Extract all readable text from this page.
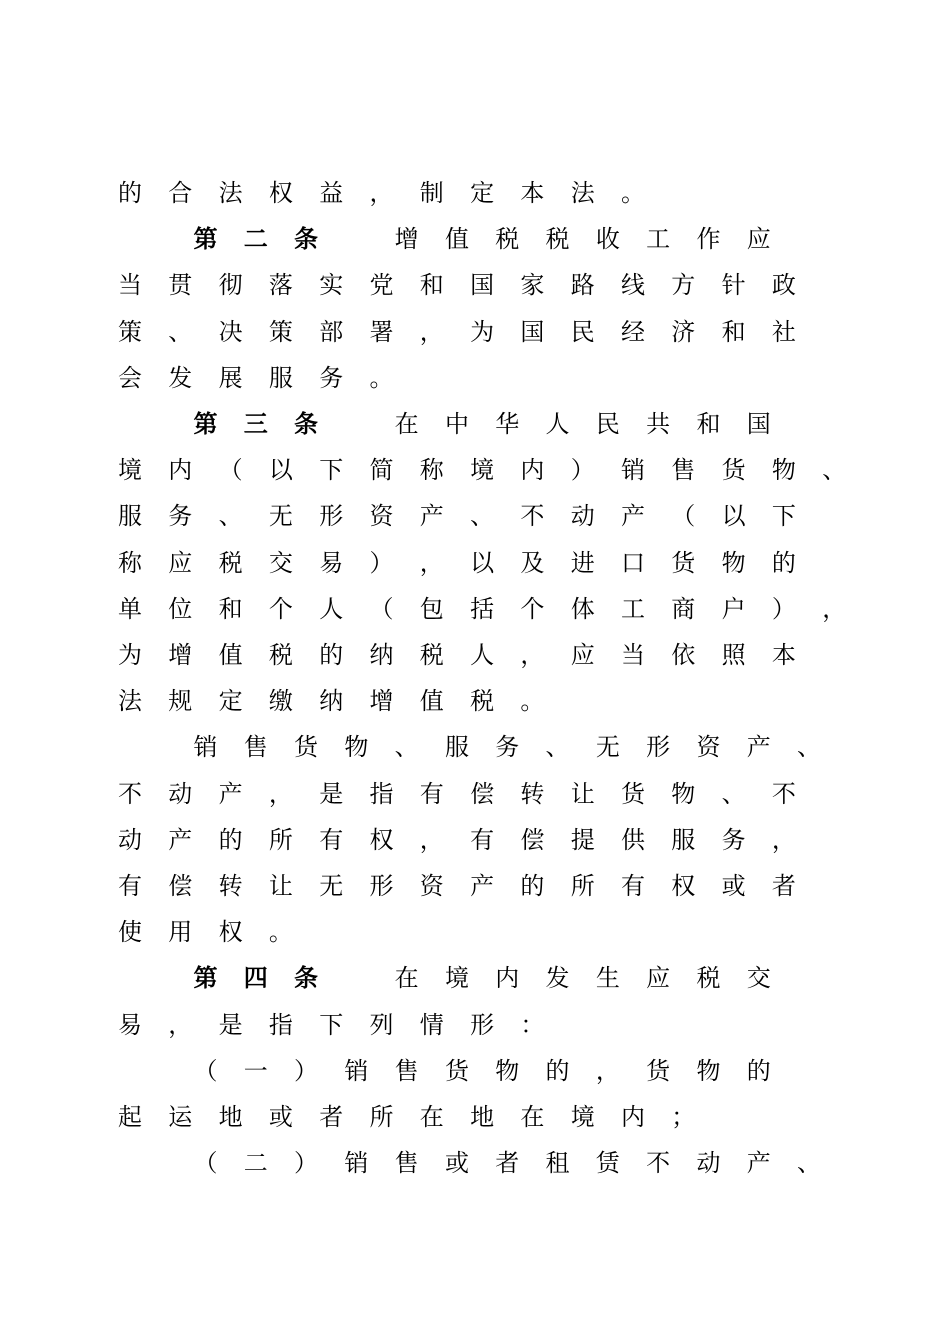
的 合 法 权 益 ， 制 定 本 法 。
第 二 条	增 值 税 税 收 工 作 应
当 贯 彻 落 实 党 和 国 家 路 线 方 针 政
策 、 决 策 部 署 ， 为 国 民 经 济 和 社
会 发 展 服 务 。
第 三 条	在 中 华 人 民 共 和 国
境 内 （ 以 下 简 称 境 内 ） 销 售 货 物 、
服 务 、 无 形 资 产 、 不 动 产 （ 以 下
称 应 税 交 易 ） ， 以 及 进 口 货 物 的
单 位 和 个 人 （ 包 括 个 体 工 商 户 ） ，
为 增 值 税 的 纳 税 人 ， 应 当 依 照 本
法 规 定 缴 纳 增 值 税 。
销 售 货 物 、 服 务 、 无 形 资 产 、
不 动 产 ， 是 指 有 偿 转 让 货 物 、 不
动 产 的 所 有 权 ， 有 偿 提 供 服 务 ，
有 偿 转 让 无 形 资 产 的 所 有 权 或 者
使 用 权 。
第 四 条	在 境 内 发 生 应 税 交
易 ， 是 指 下 列 情 形 ：
（ 一 ） 销 售 货 物 的 ， 货 物 的
起 运 地 或 者 所 在 地 在 境 内 ；
（ 二 ） 销 售 或 者 租 赁 不 动 产 、
